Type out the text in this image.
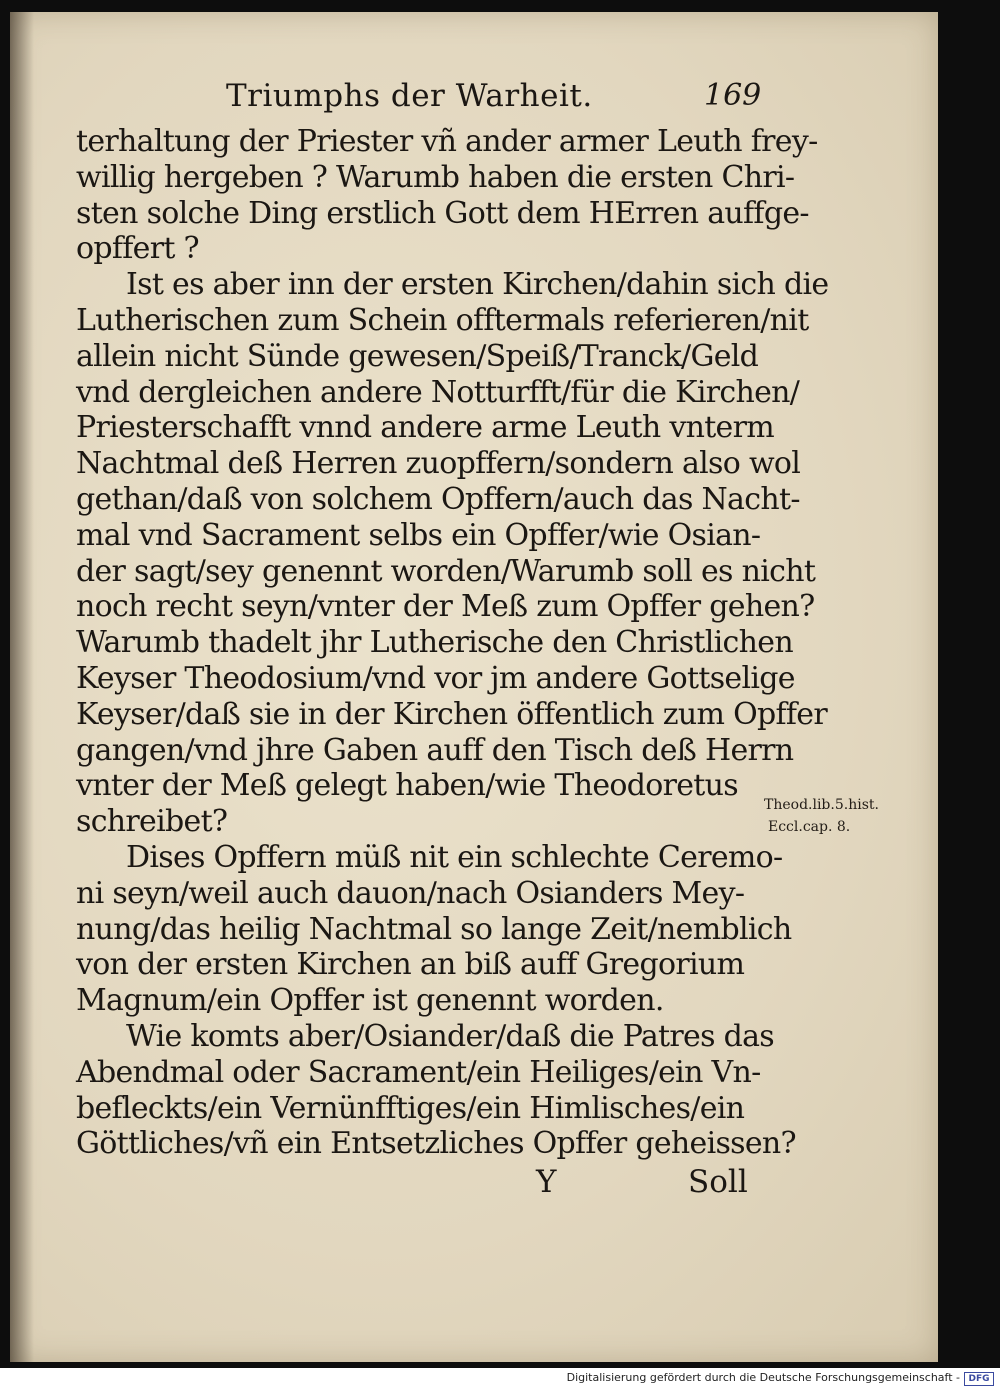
Triumphs der Warheit.	169
terhaltung der Priester vñ ander armer Leuth frey-
willig hergeben ? Warumb haben die ersten Chri-
sten solche Ding erstlich Gott dem HErren auffge-
opffert ?
Ist es aber inn der ersten Kirchen/dahin sich die
Lutherischen zum Schein offtermals referieren/nit
allein nicht Sünde gewesen/Speiß/Tranck/Geld
vnd dergleichen andere Notturfft/für die Kirchen/
Priesterschafft vnnd andere arme Leuth vnterm
Nachtmal deß Herren zuopffern/sondern also wol
gethan/daß von solchem Opffern/auch das Nacht-
mal vnd Sacrament selbs ein Opffer/wie Osian-
der sagt/sey genennt worden/Warumb soll es nicht
noch recht seyn/vnter der Meß zum Opffer gehen?
Warumb thadelt jhr Lutherische den Christlichen
Keyser Theodosium/vnd vor jm andere Gottselige
Keyser/daß sie in der Kirchen öffentlich zum Opffer
gangen/vnd jhre Gaben auff den Tisch deß Herrn
vnter der Meß gelegt haben/wie Theodoretus
schreibet?
Dises Opffern müß nit ein schlechte Ceremo-
ni seyn/weil auch dauon/nach Osianders Mey-
nung/das heilig Nachtmal so lange Zeit/nemblich
von der ersten Kirchen an biß auff Gregorium
Magnum/ein Opffer ist genennt worden.
Wie komts aber/Osiander/daß die Patres das
Abendmal oder Sacrament/ein Heiliges/ein Vn-
befleckts/ein Vernünfftiges/ein Himlisches/ein
Göttliches/vñ ein Entsetzliches Opffer geheissen?
Y	Soll
Theod.lib.5.hist.
Eccl.cap. 8.
Digitalisierung gefördert durch die Deutsche Forschungsgemeinschaft - DFG
